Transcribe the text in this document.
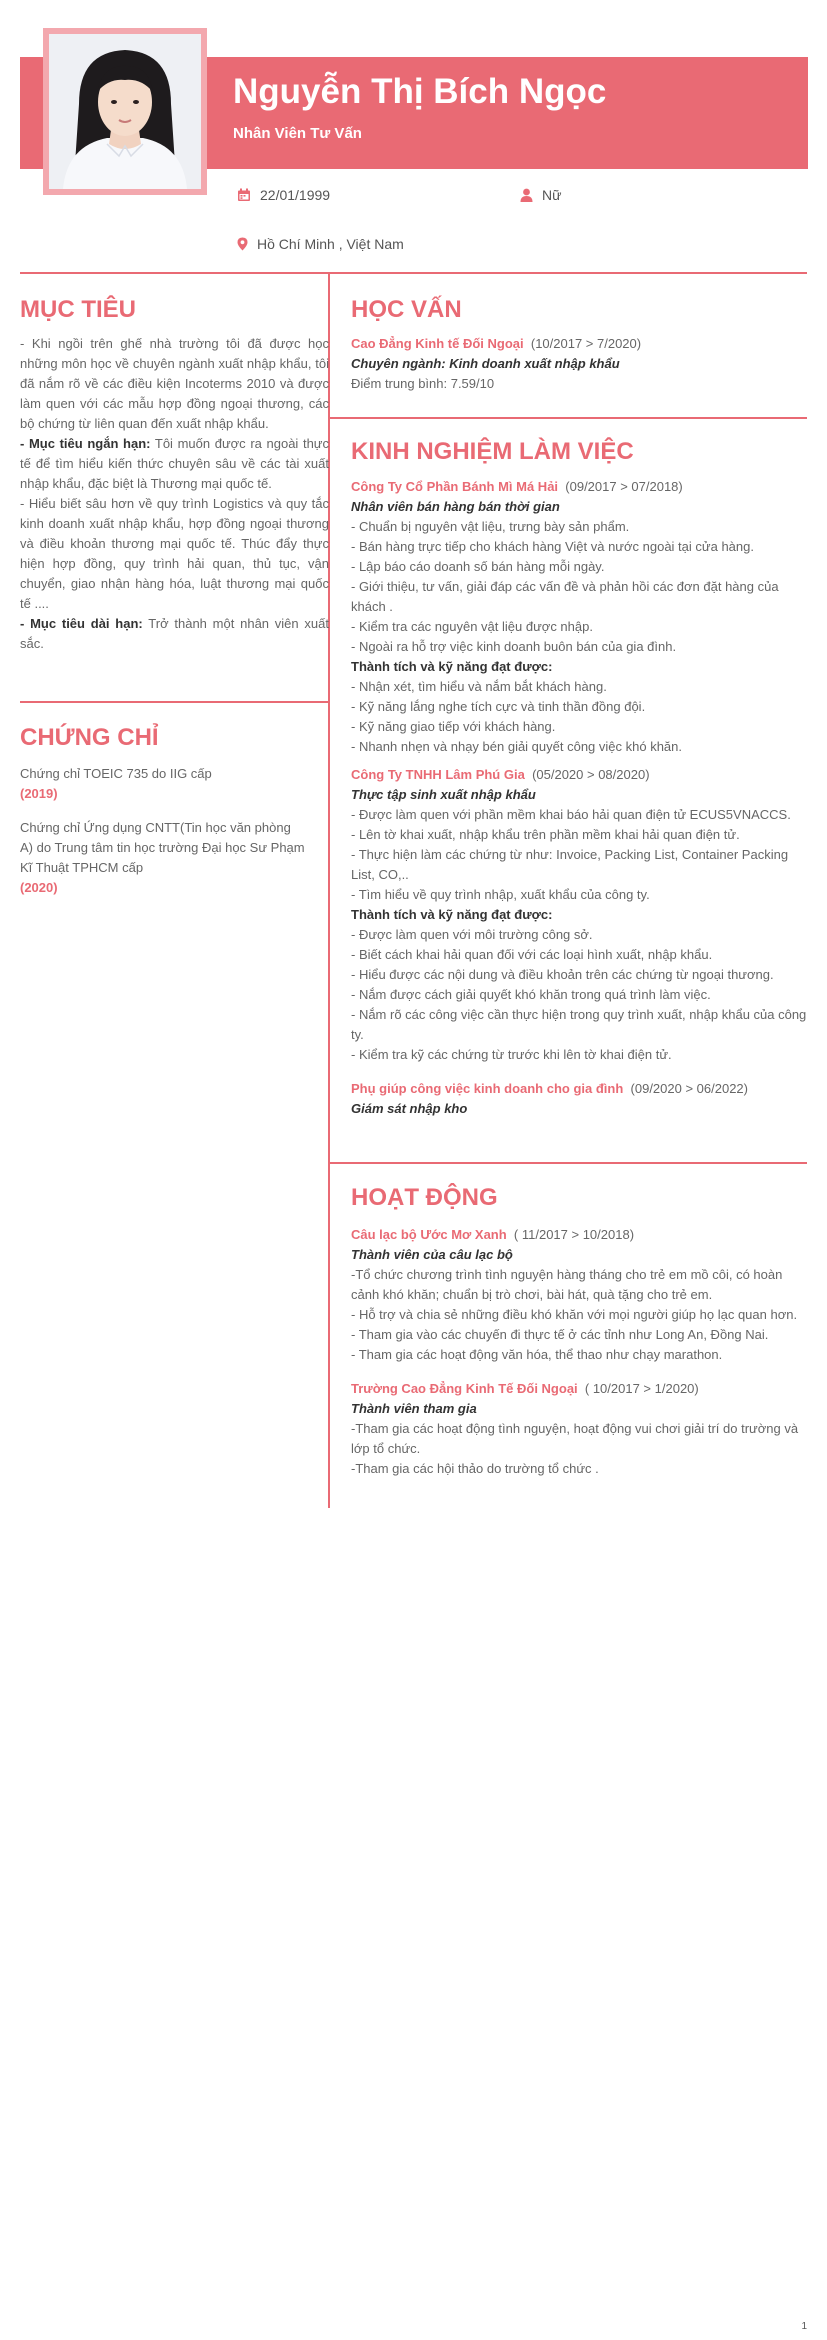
Nguyễn Thị Bích Ngọc
Nhân Viên Tư Vấn
22/01/1999	Nữ
Hồ Chí Minh , Việt Nam
MỤC TIÊU

- Khi ngồi trên ghế nhà trường tôi đã được học những môn học về chuyên ngành xuất nhập khẩu, tôi đã nắm rõ về các điều kiện Incoterms 2010 và được làm quen với các mẫu hợp đồng ngoại thương, các bộ chứng từ liên quan đến xuất nhập khẩu.

- Mục tiêu ngắn hạn: Tôi muốn được ra ngoài thực tế để tìm hiểu kiến thức chuyên sâu về các tài xuất nhập khẩu, đặc biệt là Thương mại quốc tế.

- Hiểu biết sâu hơn về quy trình Logistics và quy tắc kinh doanh xuất nhập khẩu, hợp đồng ngoại thương và điều khoản thương mại quốc tế. Thúc đẩy thực hiện hợp đồng, quy trình hải quan, thủ tục, vận chuyển, giao nhận hàng hóa, luật thương mại quốc tế ....

- Mục tiêu dài hạn: Trở thành một nhân viên xuất sắc.

CHỨNG CHỈ

Chứng chỉ TOEIC 735 do IIG cấp

(2019)

Chứng chỉ Ứng dụng CNTT(Tin học văn phòng A) do Trung tâm tin học trường Đại học Sư Phạm Kĩ Thuật TPHCM cấp

(2020)

HỌC VẤN

Cao Đẳng Kinh tế Đối Ngoại (10/2017 > 7/2020)

Chuyên ngành: Kinh doanh xuất nhập khẩu

Điểm trung bình: 7.59/10

KINH NGHIỆM LÀM VIỆC

Công Ty Cổ Phần Bánh Mì Má Hải (09/2017 > 07/2018)

Nhân viên bán hàng bán thời gian

- Chuẩn bị nguyên vật liệu, trưng bày sản phẩm.

- Bán hàng trực tiếp cho khách hàng Việt và nước ngoài tại cửa hàng.

- Lập báo cáo doanh số bán hàng mỗi ngày.

- Giới thiệu, tư vấn, giải đáp các vấn đề và phản hồi các đơn đặt hàng của khách .

- Kiểm tra các nguyên vật liệu được nhập.

- Ngoài ra hỗ trợ việc kinh doanh buôn bán của gia đình.

Thành tích và kỹ năng đạt được:

- Nhận xét, tìm hiểu và nắm bắt khách hàng.

- Kỹ năng lắng nghe tích cực và tinh thần đồng đội.

- Kỹ năng giao tiếp với khách hàng.

- Nhanh nhẹn và nhạy bén giải quyết công việc khó khăn.

Công Ty TNHH Lâm Phú Gia (05/2020 > 08/2020)

Thực tập sinh xuất nhập khẩu

- Được làm quen với phần mềm khai báo hải quan điện tử ECUS5VNACCS.

- Lên tờ khai xuất, nhập khẩu trên phần mềm khai hải quan điện tử.

- Thực hiện làm các chứng từ như: Invoice, Packing List, Container Packing List, CO,..

- Tìm hiểu về quy trình nhập, xuất khẩu của công ty.

Thành tích và kỹ năng đạt được:

- Được làm quen với môi trường công sở.

- Biết cách khai hải quan đối với các loại hình xuất, nhập khẩu.

- Hiểu được các nội dung và điều khoản trên các chứng từ ngoại thương.

- Nắm được cách giải quyết khó khăn trong quá trình làm việc.

- Nắm rõ các công việc cần thực hiện trong quy trình xuất, nhập khẩu của công ty.

- Kiểm tra kỹ các chứng từ trước khi lên tờ khai điện tử.

Phụ giúp công việc kinh doanh cho gia đình (09/2020 > 06/2022)

Giám sát nhập kho

HOẠT ĐỘNG

Câu lạc bộ Ước Mơ Xanh ( 11/2017 > 10/2018)

Thành viên của câu lạc bộ

-Tổ chức chương trình tình nguyện hàng tháng cho trẻ em mồ côi, có hoàn cảnh khó khăn; chuẩn bị trò chơi, bài hát, quà tặng cho trẻ em.

- Hỗ trợ và chia sẻ những điều khó khăn với mọi người giúp họ lạc quan hơn.

- Tham gia vào các chuyến đi thực tế ở các tỉnh như Long An, Đồng Nai.

- Tham gia các hoạt động văn hóa, thể thao như chạy marathon.

Trường Cao Đẳng Kinh Tế Đối Ngoại ( 10/2017 > 1/2020)

Thành viên tham gia

-Tham gia các hoạt động tình nguyện, hoạt động vui chơi giải trí do trường và lớp tổ chức.

-Tham gia các hội thảo do trường tổ chức .

1
